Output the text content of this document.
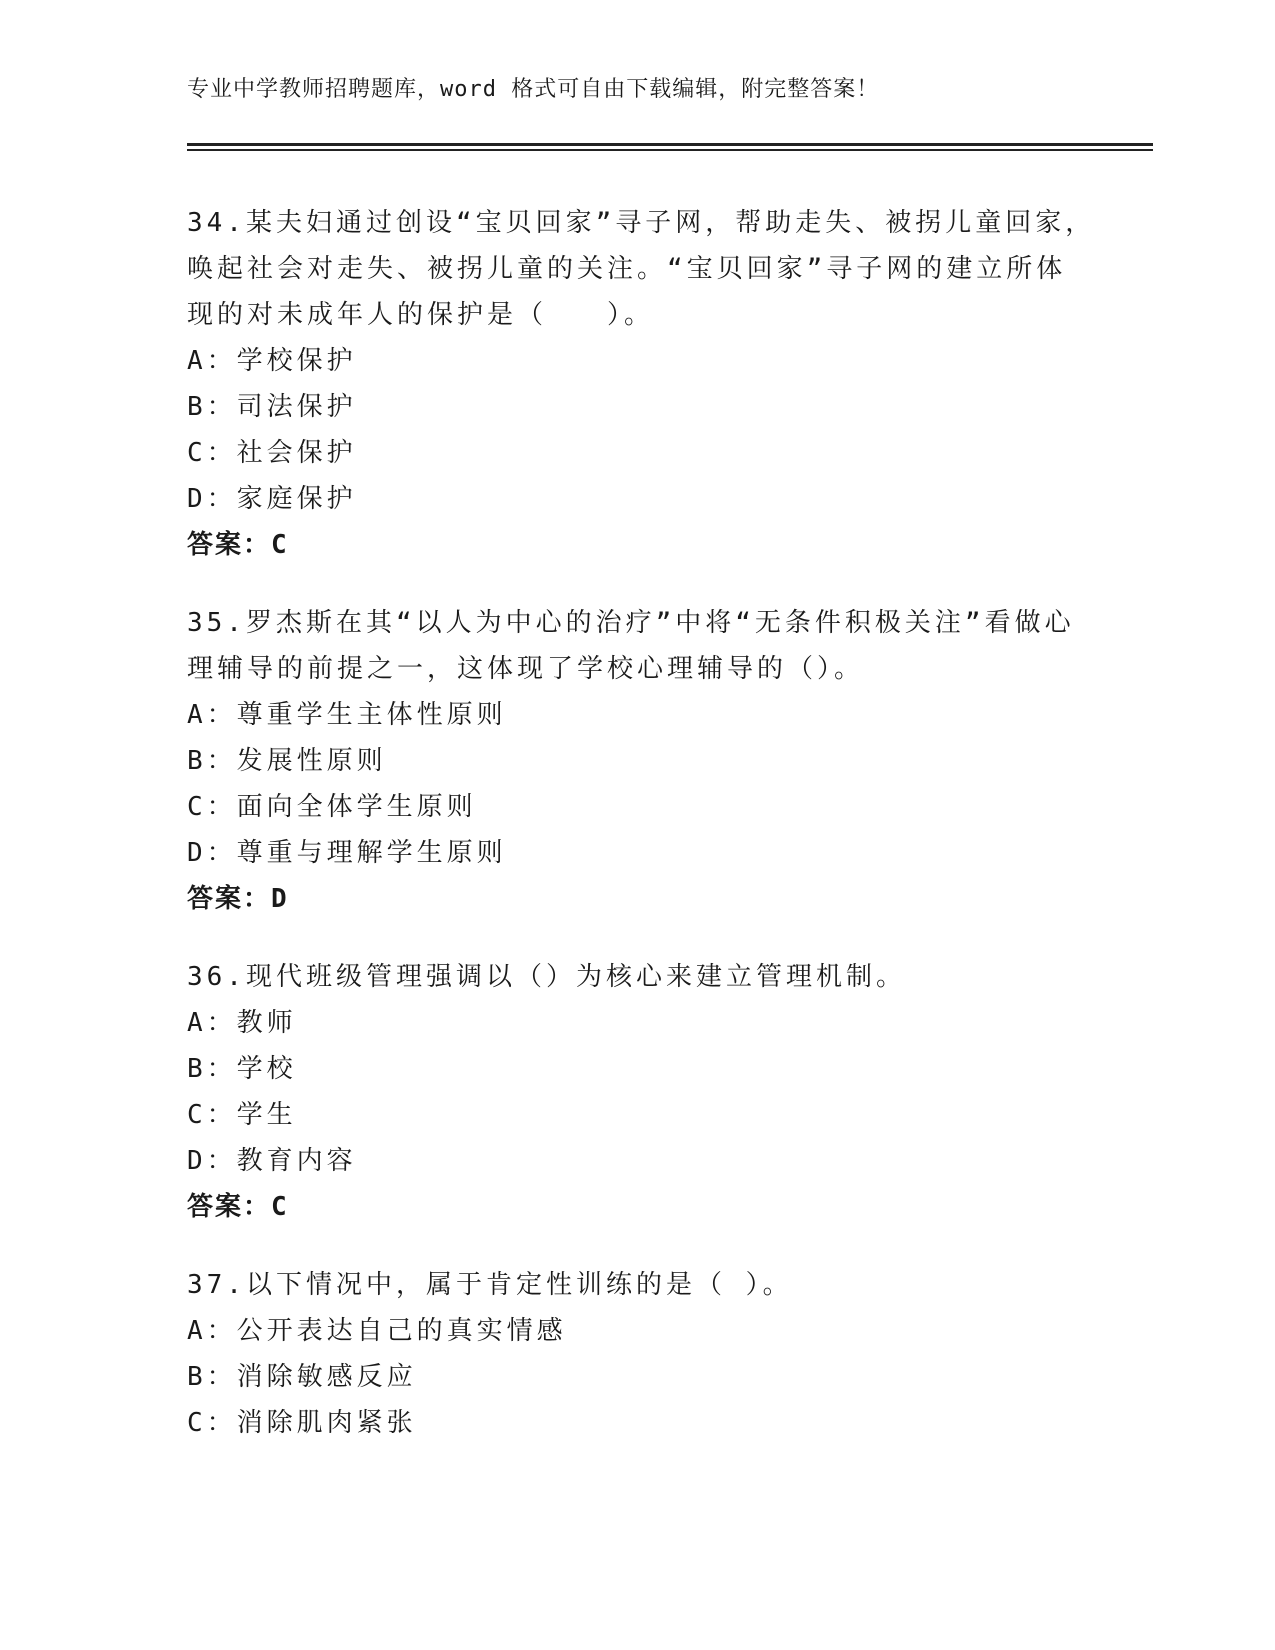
专业中学教师招聘题库，word 格式可自由下载编辑，附完整答案！
34.某夫妇通过创设“宝贝回家”寻子网，帮助走失、被拐儿童回家，
唤起社会对走失、被拐儿童的关注。“宝贝回家”寻子网的建立所体
现的对未成年人的保护是（　　）。
A：学校保护
B：司法保护
C：社会保护
D：家庭保护
答案：C
35.罗杰斯在其“以人为中心的治疗”中将“无条件积极关注”看做心
理辅导的前提之一，这体现了学校心理辅导的（）。
A：尊重学生主体性原则
B：发展性原则
C：面向全体学生原则
D：尊重与理解学生原则
答案：D
36.现代班级管理强调以（）为核心来建立管理机制。
A：教师
B：学校
C：学生
D：教育内容
答案：C
37.以下情况中，属于肯定性训练的是（ ）。
A：公开表达自己的真实情感
B：消除敏感反应
C：消除肌肉紧张
